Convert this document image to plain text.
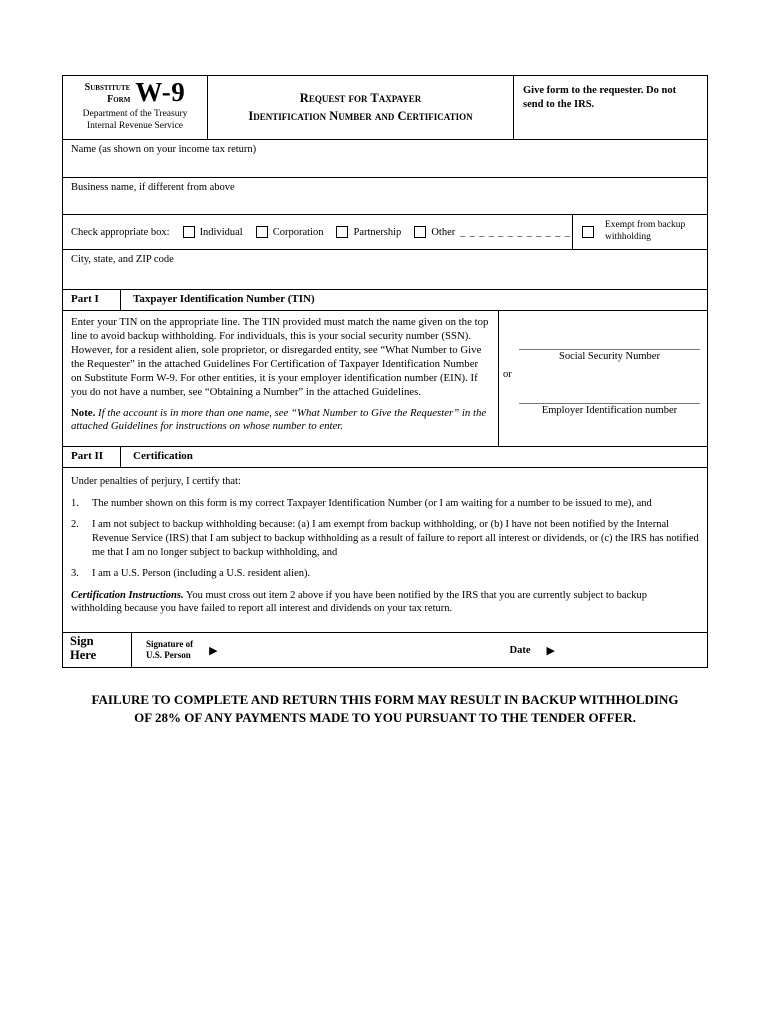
Substitute
Form W-9
Department of the Treasury
Internal Revenue Service
Request for Taxpayer
Identification Number and Certification
Give form to the requester. Do not send to the IRS.
Name (as shown on your income tax return)
Business name, if different from above
Check appropriate box:	Individual	Corporation	Partnership	Other _ _ _ _ _ _ _ _ _ _ _ _
Exempt from backup withholding
City, state, and ZIP code
Part I	Taxpayer Identification Number (TIN)
Enter your TIN on the appropriate line. The TIN provided must match the name given on the top line to avoid backup withholding. For individuals, this is your social security number (SSN). However, for a resident alien, sole proprietor, or disregarded entity, see “What Number to Give the Requester” in the attached Guidelines For Certification of Taxpayer Identification Number on Substitute Form W-9. For other entities, it is your employer identification number (EIN). If you do not have a number, see “Obtaining a Number” in the attached Guidelines.
Note. If the account is in more than one name, see “What Number to Give the Requester” in the attached Guidelines for instructions on whose number to enter.
or
Social Security Number
Employer Identification number
Part II	Certification
Under penalties of perjury, I certify that:
1.	The number shown on this form is my correct Taxpayer Identification Number (or I am waiting for a number to be issued to me), and
2.	I am not subject to backup withholding because: (a) I am exempt from backup withholding, or (b) I have not been notified by the Internal Revenue Service (IRS) that I am subject to backup withholding as a result of failure to report all interest or dividends, or (c) the IRS has notified me that I am no longer subject to backup withholding, and
3.	I am a U.S. Person (including a U.S. resident alien).
Certification Instructions. You must cross out item 2 above if you have been notified by the IRS that you are currently subject to backup withholding because you have failed to report all interest and dividends on your tax return.
Sign
Here
Signature of
U.S. Person ▶	Date ▶
FAILURE TO COMPLETE AND RETURN THIS FORM MAY RESULT IN BACKUP WITHHOLDING
OF 28% OF ANY PAYMENTS MADE TO YOU PURSUANT TO THE TENDER OFFER.
